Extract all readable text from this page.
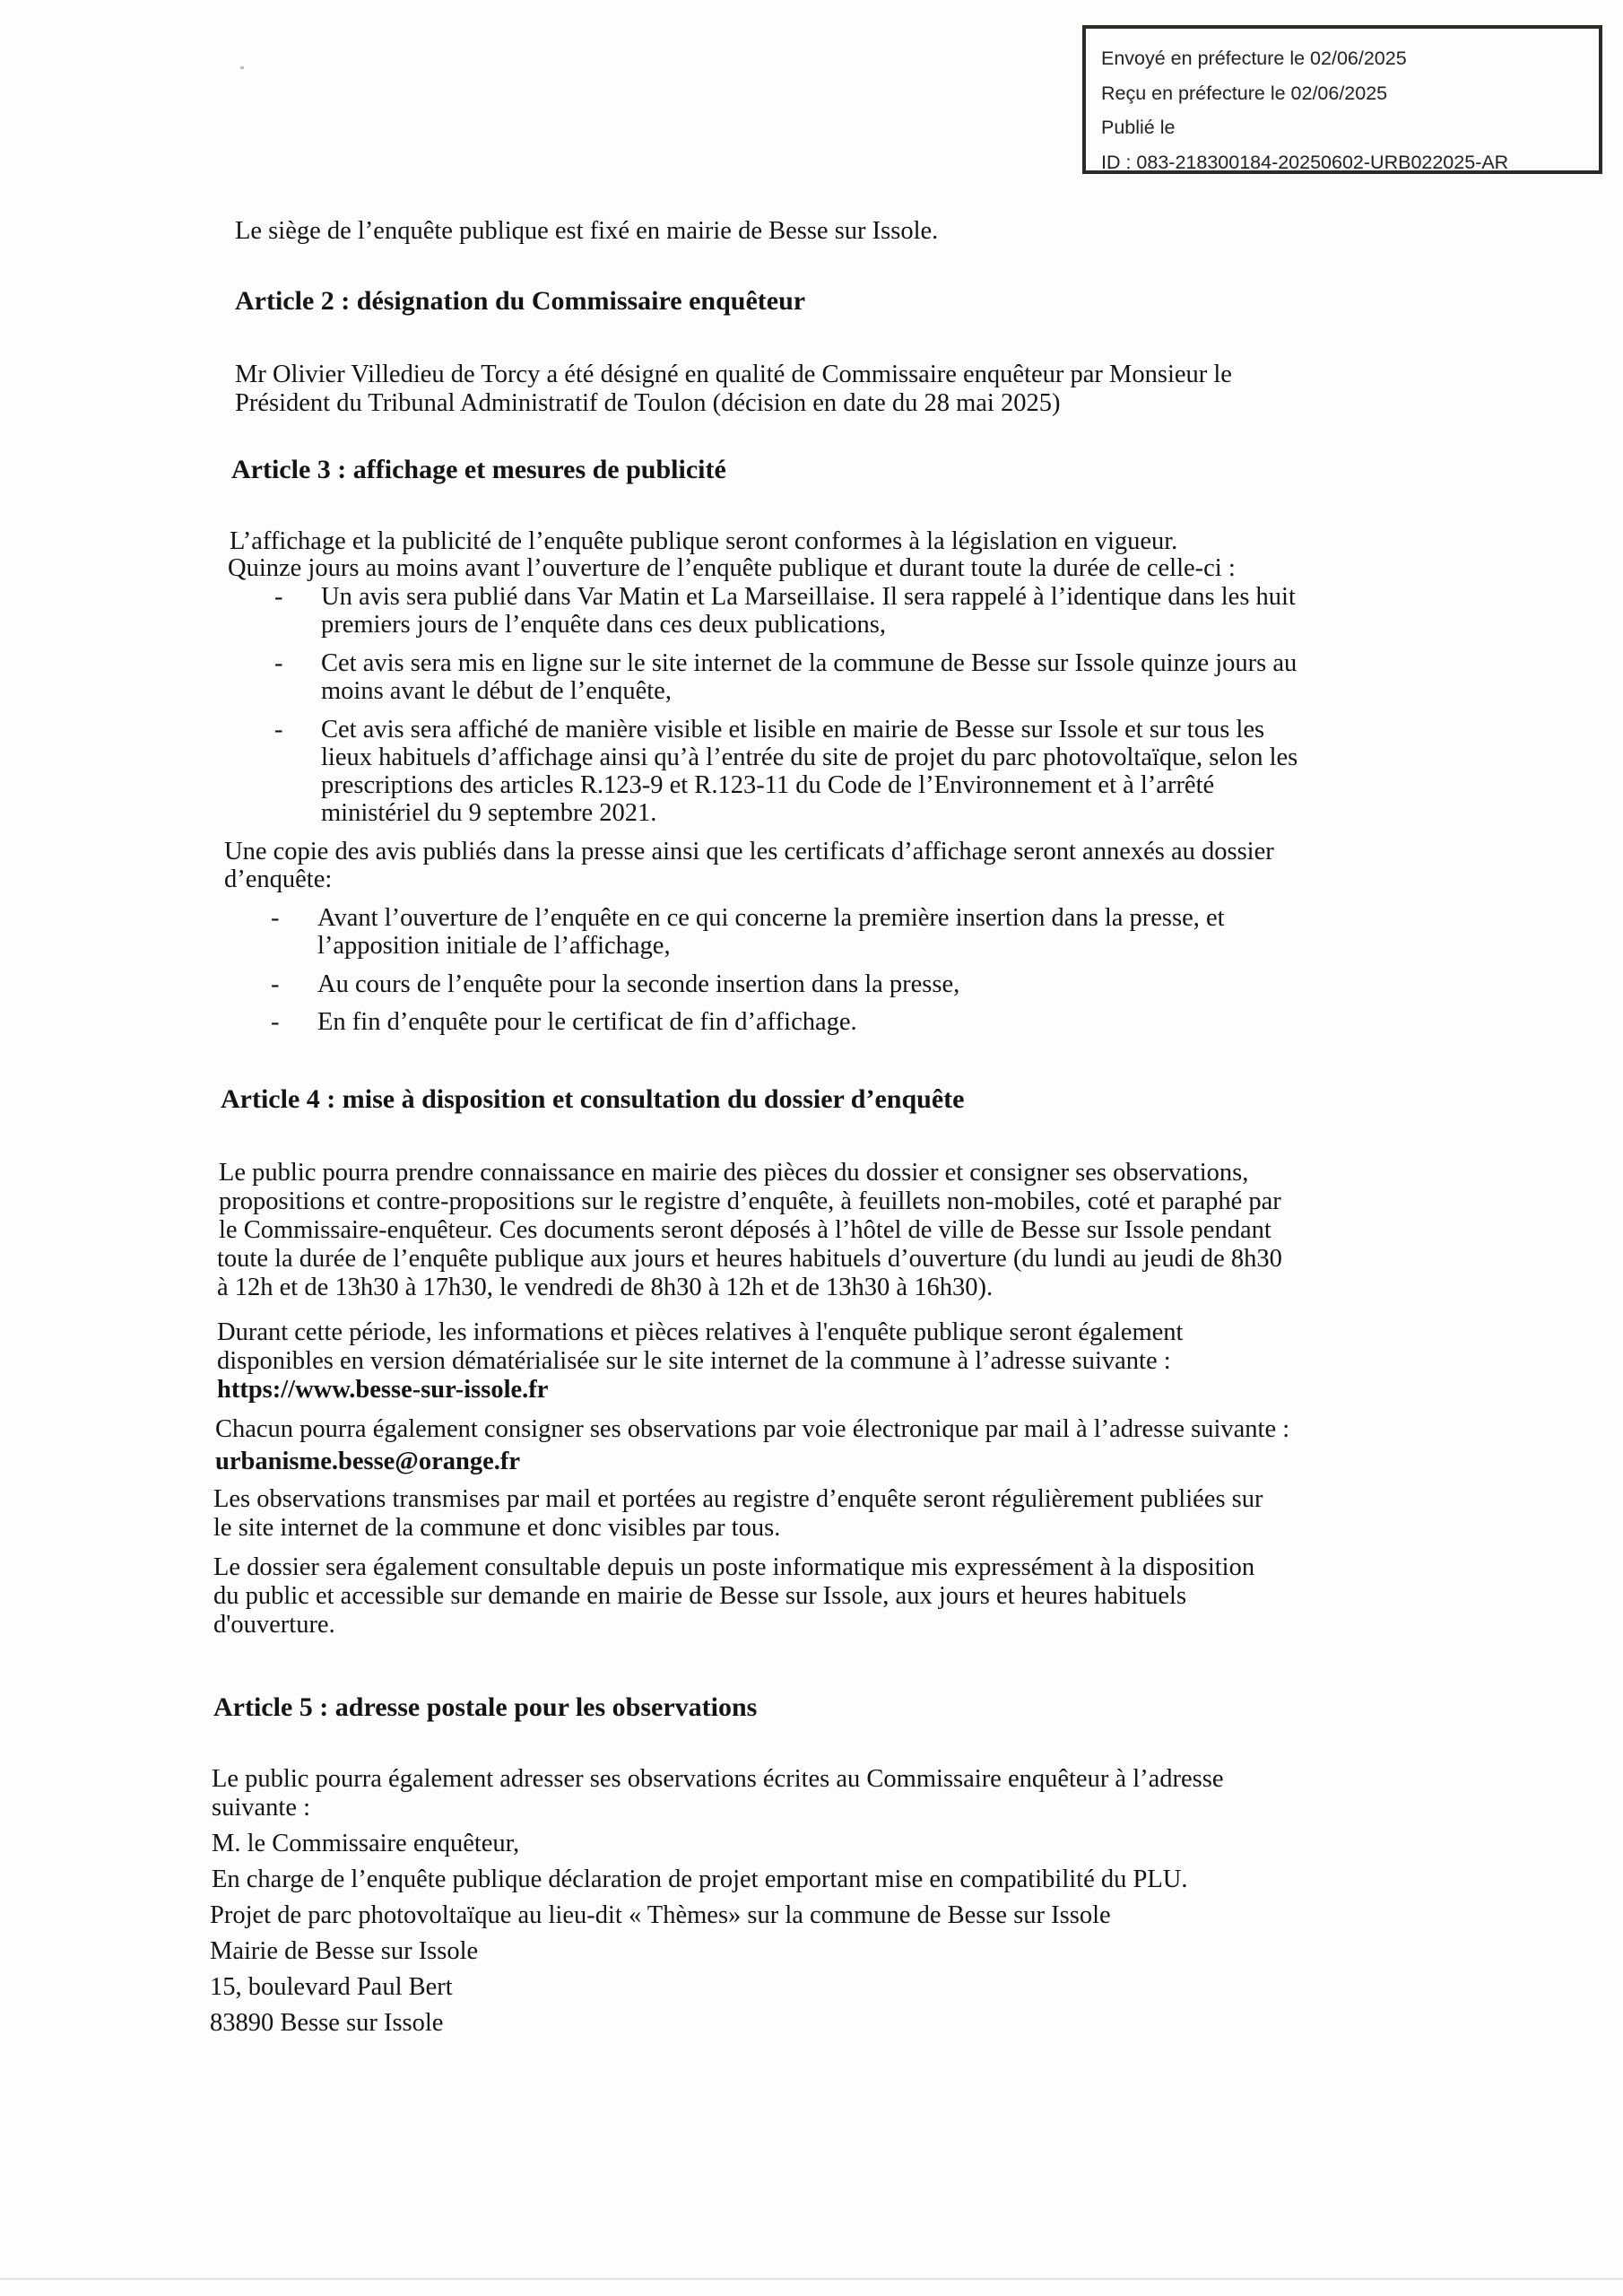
Envoyé en préfecture le 02/06/2025
Reçu en préfecture le 02/06/2025
Publié le
ID : 083-218300184-20250602-URB022025-AR
Le siège de l’enquête publique est fixé en mairie de Besse sur Issole.
Article 2 : désignation du Commissaire enquêteur
Mr Olivier Villedieu de Torcy a été désigné en qualité de Commissaire enquêteur par Monsieur le
Président du Tribunal Administratif de Toulon (décision en date du 28 mai 2025)
Article 3 : affichage et mesures de publicité
L’affichage et la publicité de l’enquête publique seront conformes à la législation en vigueur.
Quinze jours au moins avant l’ouverture de l’enquête publique et durant toute la durée de celle-ci :
- Un avis sera publié dans Var Matin et La Marseillaise. Il sera rappelé à l’identique dans les huit
premiers jours de l’enquête dans ces deux publications,
- Cet avis sera mis en ligne sur le site internet de la commune de Besse sur Issole quinze jours au
moins avant le début de l’enquête,
- Cet avis sera affiché de manière visible et lisible en mairie de Besse sur Issole et sur tous les
lieux habituels d’affichage ainsi qu’à l’entrée du site de projet du parc photovoltaïque, selon les
prescriptions des articles R.123-9 et R.123-11 du Code de l’Environnement et à l’arrêté
ministériel du 9 septembre 2021.
Une copie des avis publiés dans la presse ainsi que les certificats d’affichage seront annexés au dossier
d’enquête:
- Avant l’ouverture de l’enquête en ce qui concerne la première insertion dans la presse, et
l’apposition initiale de l’affichage,
- Au cours de l’enquête pour la seconde insertion dans la presse,
- En fin d’enquête pour le certificat de fin d’affichage.
Article 4 : mise à disposition et consultation du dossier d’enquête
Le public pourra prendre connaissance en mairie des pièces du dossier et consigner ses observations,
propositions et contre-propositions sur le registre d’enquête, à feuillets non-mobiles, coté et paraphé par
le Commissaire-enquêteur. Ces documents seront déposés à l’hôtel de ville de Besse sur Issole pendant
toute la durée de l’enquête publique aux jours et heures habituels d’ouverture (du lundi au jeudi de 8h30
à 12h et de 13h30 à 17h30, le vendredi de 8h30 à 12h et de 13h30 à 16h30).
Durant cette période, les informations et pièces relatives à l'enquête publique seront également
disponibles en version dématérialisée sur le site internet de la commune à l’adresse suivante :
https://www.besse-sur-issole.fr
Chacun pourra également consigner ses observations par voie électronique par mail à l’adresse suivante :
urbanisme.besse@orange.fr
Les observations transmises par mail et portées au registre d’enquête seront régulièrement publiées sur
le site internet de la commune et donc visibles par tous.
Le dossier sera également consultable depuis un poste informatique mis expressément à la disposition
du public et accessible sur demande en mairie de Besse sur Issole, aux jours et heures habituels
d'ouverture.
Article 5 : adresse postale pour les observations
Le public pourra également adresser ses observations écrites au Commissaire enquêteur à l’adresse
suivante :
M. le Commissaire enquêteur,
En charge de l’enquête publique déclaration de projet emportant mise en compatibilité du PLU.
Projet de parc photovoltaïque au lieu-dit « Thèmes» sur la commune de Besse sur Issole
Mairie de Besse sur Issole
15, boulevard Paul Bert
83890 Besse sur Issole
